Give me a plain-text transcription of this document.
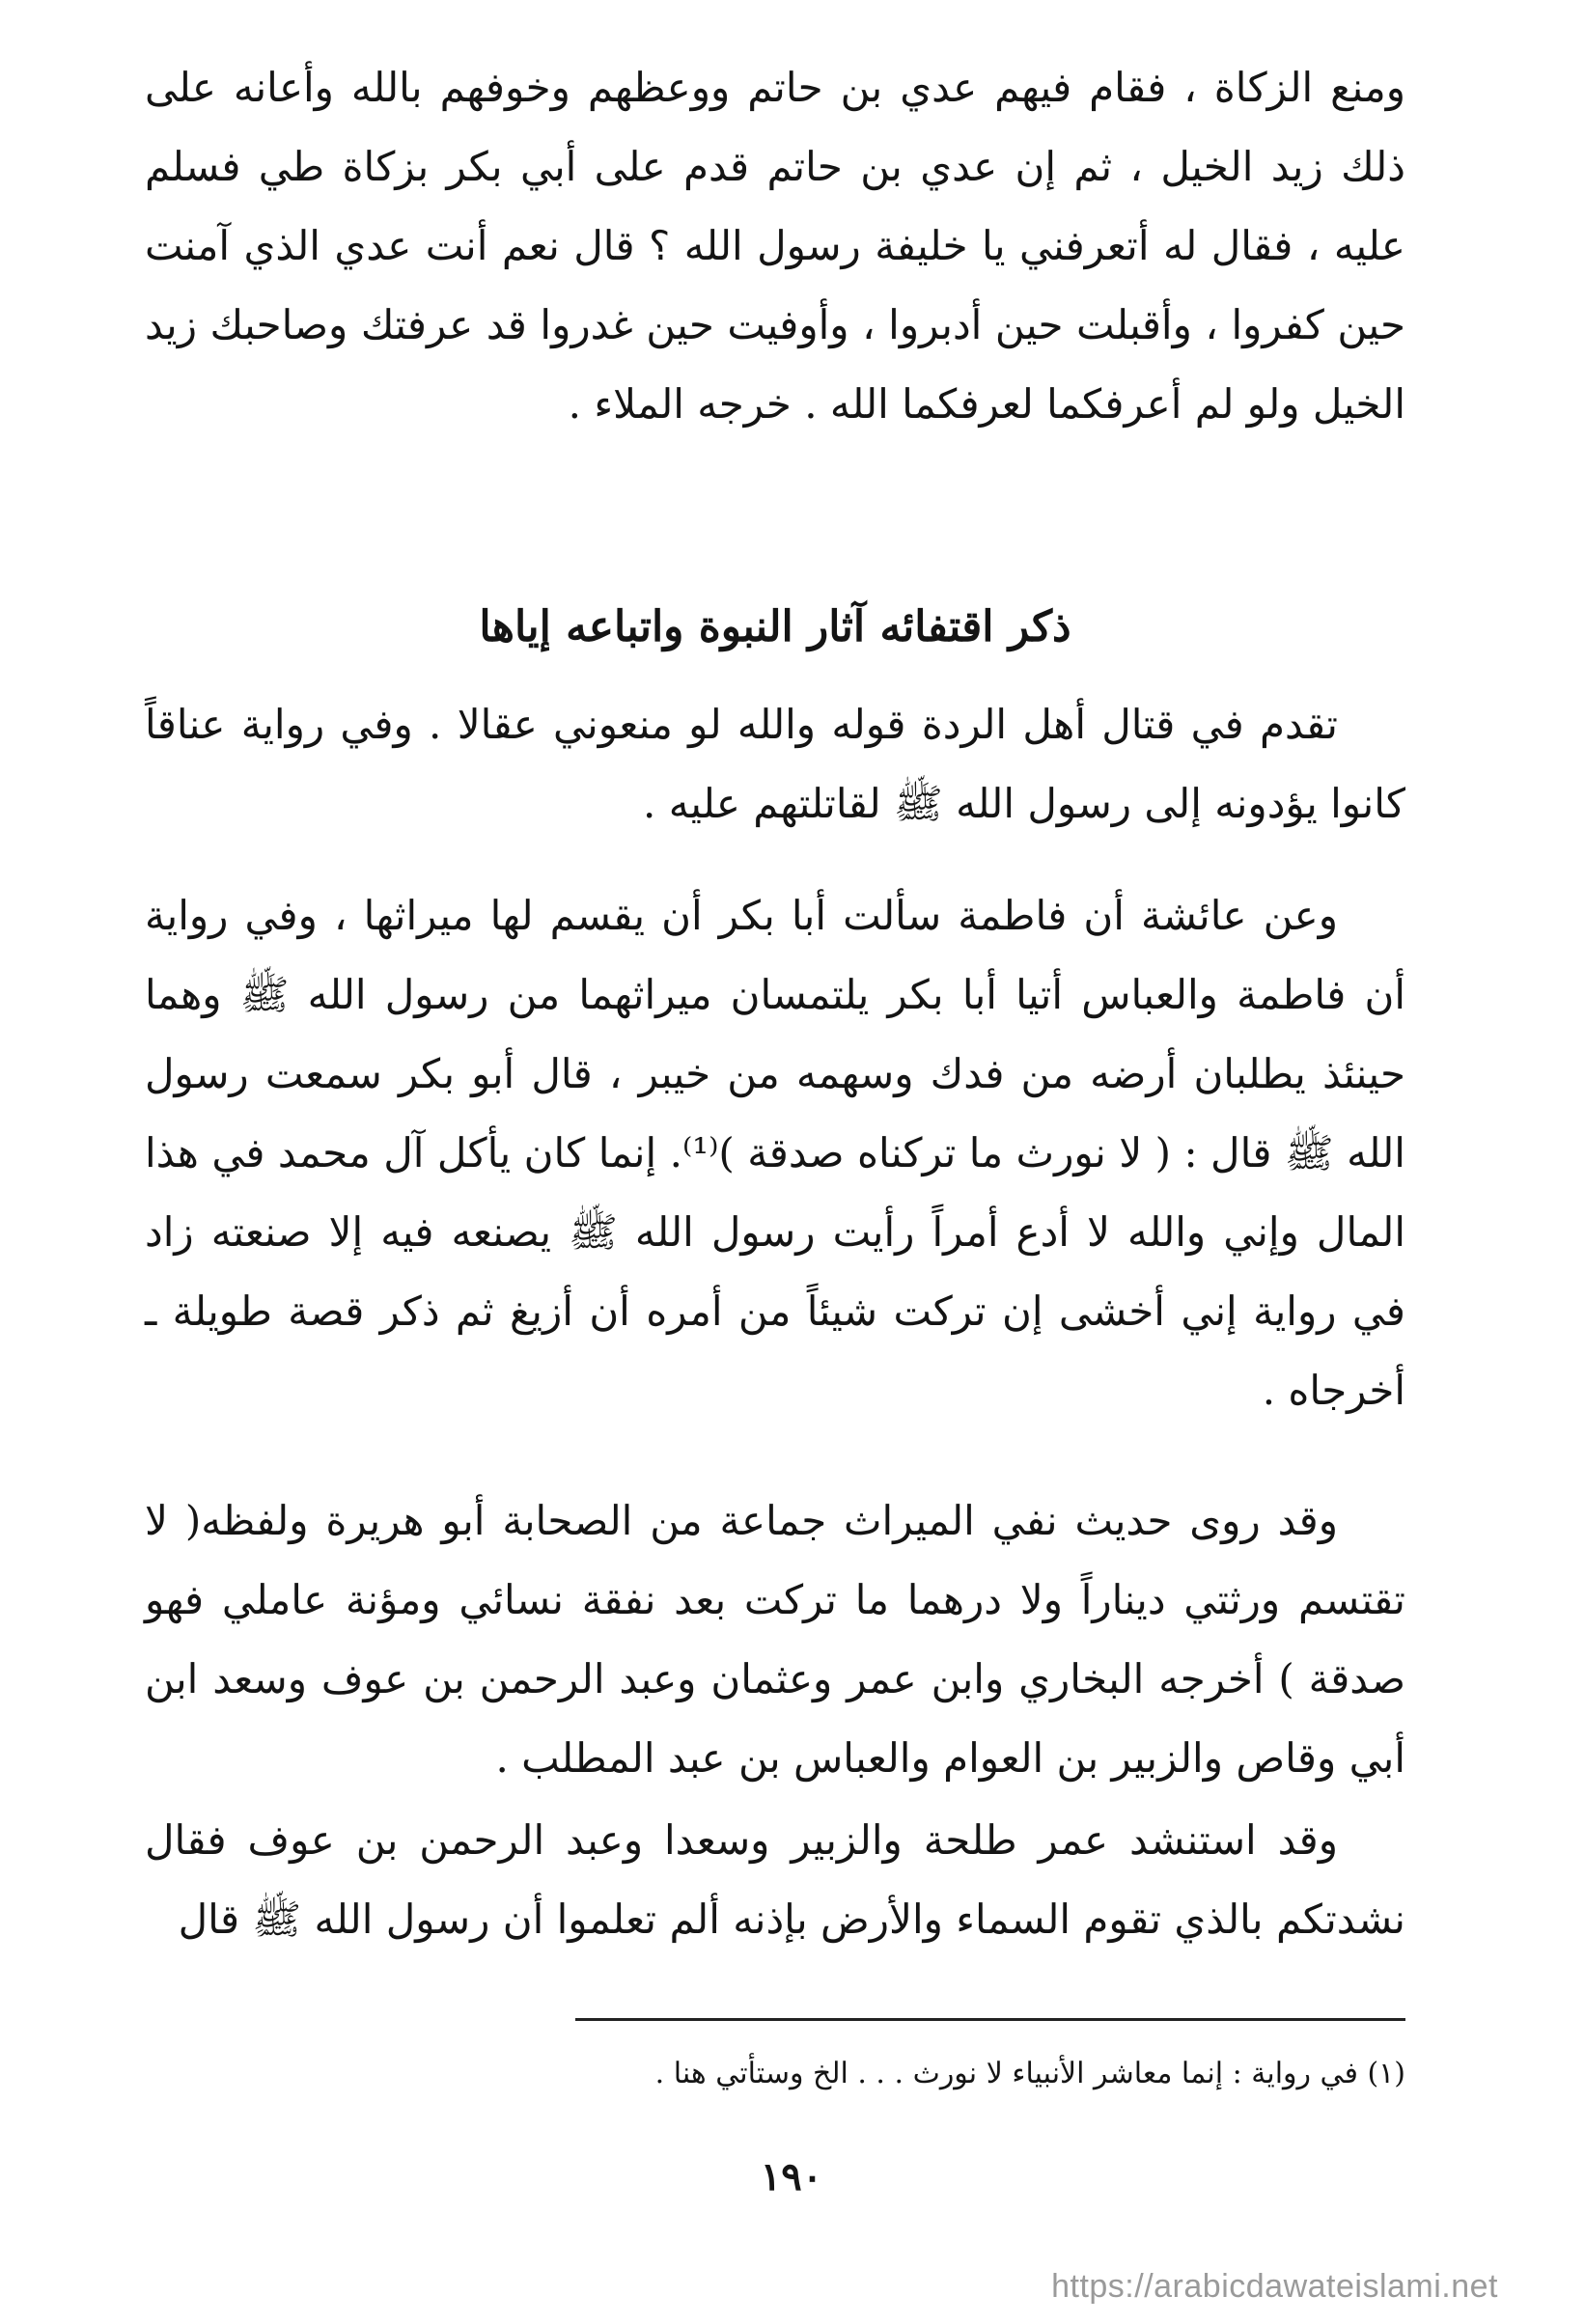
ومنع الزكاة ، فقام فيهم عدي بن حاتم ووعظهم وخوفهم بالله وأعانه على ذلك زيد الخيل ، ثم إن عدي بن حاتم قدم على أبي بكر بزكاة طي فسلم عليه ، فقال له أتعرفني يا خليفة رسول الله ؟ قال نعم أنت عدي الذي آمنت حين كفروا ، وأقبلت حين أدبروا ، وأوفيت حين غدروا قد عرفتك وصاحبك زيد الخيل ولو لم أعرفكما لعرفكما الله . خرجه الملاء .

ذكر اقتفائه آثار النبوة واتباعه إياها

تقدم في قتال أهل الردة قوله والله لو منعوني عقالا . وفي رواية عناقاً كانوا يؤدونه إلى رسول الله ﷺ لقاتلتهم عليه .

وعن عائشة أن فاطمة سألت أبا بكر أن يقسم لها ميراثها ، وفي رواية أن فاطمة والعباس أتيا أبا بكر يلتمسان ميراثهما من رسول الله ﷺ وهما حينئذ يطلبان أرضه من فدك وسهمه من خيبر ، قال أبو بكر سمعت رسول الله ﷺ قال : ( لا نورث ما تركناه صدقة )⁽¹⁾. إنما كان يأكل آل محمد في هذا المال وإني والله لا أدع أمراً رأيت رسول الله ﷺ يصنعه فيه إلا صنعته زاد في رواية إني أخشى إن تركت شيئاً من أمره أن أزيغ ثم ذكر قصة طويلة ـ أخرجاه .

وقد روى حديث نفي الميراث جماعة من الصحابة أبو هريرة ولفظه( لا تقتسم ورثتي ديناراً ولا درهما ما تركت بعد نفقة نسائي ومؤنة عاملي فهو صدقة ) أخرجه البخاري وابن عمر وعثمان وعبد الرحمن بن عوف وسعد ابن أبي وقاص والزبير بن العوام والعباس بن عبد المطلب .

وقد استنشد عمر طلحة والزبير وسعدا وعبد الرحمن بن عوف فقال نشدتكم بالذي تقوم السماء والأرض بإذنه ألم تعلموا أن رسول الله ﷺ قال

(١) في رواية : إنما معاشر الأنبياء لا نورث . . . الخ وستأتي هنا .
١٩٠
https://arabicdawateislami.net
